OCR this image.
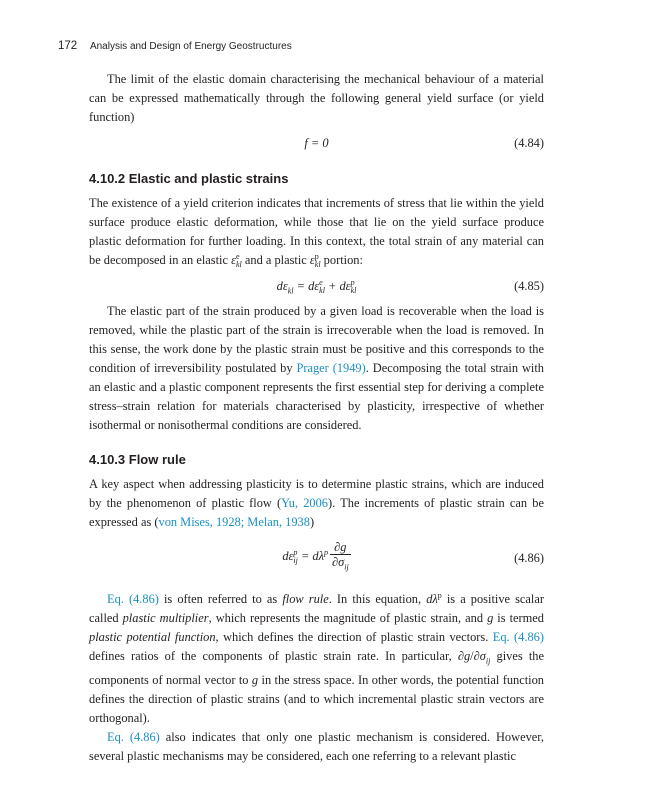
172 Analysis and Design of Energy Geostructures

The limit of the elastic domain characterising the mechanical behaviour of a material can be expressed mathematically through the following general yield surface (or yield function)

f = 0	(4.84)
4.10.2 Elastic and plastic strains

The existence of a yield criterion indicates that increments of stress that lie within the yield surface produce elastic deformation, while those that lie on the yield surface produce plastic deformation for further loading. In this context, the total strain of any material can be decomposed in an elastic ε e
kl and a plastic ε p
kl portion:

$d\varepsilon_{kl} = d\varepsilon$ e
kl + dε p
kl	(4.85)

The elastic part of the strain produced by a given load is recoverable when the load is removed, while the plastic part of the strain is irrecoverable when the load is removed. In this sense, the work done by the plastic strain must be positive and this corresponds to the condition of irreversibility postulated by Prager (1949). Decomposing the total strain with an elastic and a plastic component represents the first essential step for deriving a complete stress–strain relation for materials characterised by plasticity, irrespective of whether isothermal or nonisothermal conditions are considered.

4.10.3 Flow rule

A key aspect when addressing plasticity is to determine plastic strains, which are induced by the phenomenon of plastic flow (Yu, 2006). The increments of plastic strain can be expressed as (von Mises, 1928; Melan, 1938)

dε p
ij = $d\lambda^p \frac{\partial g}{\partial\sigma_{ij}}$	(4.86)

Eq. (4.86) is often referred to as flow rule. In this equation, $d\lambda^p$ is a positive scalar called plastic multiplier, which represents the magnitude of plastic strain, and g is termed plastic potential function, which defines the direction of plastic strain vectors. Eq. (4.86) defines ratios of the components of plastic strain rate. In particular, $\partial g/\partial\sigma_{ij}$ gives the components of normal vector to g in the stress space. In other words, the potential function defines the direction of plastic strains (and to which incremental plastic strain vectors are orthogonal).

Eq. (4.86) also indicates that only one plastic mechanism is considered. However, several plastic mechanisms may be considered, each one referring to a relevant plastic
